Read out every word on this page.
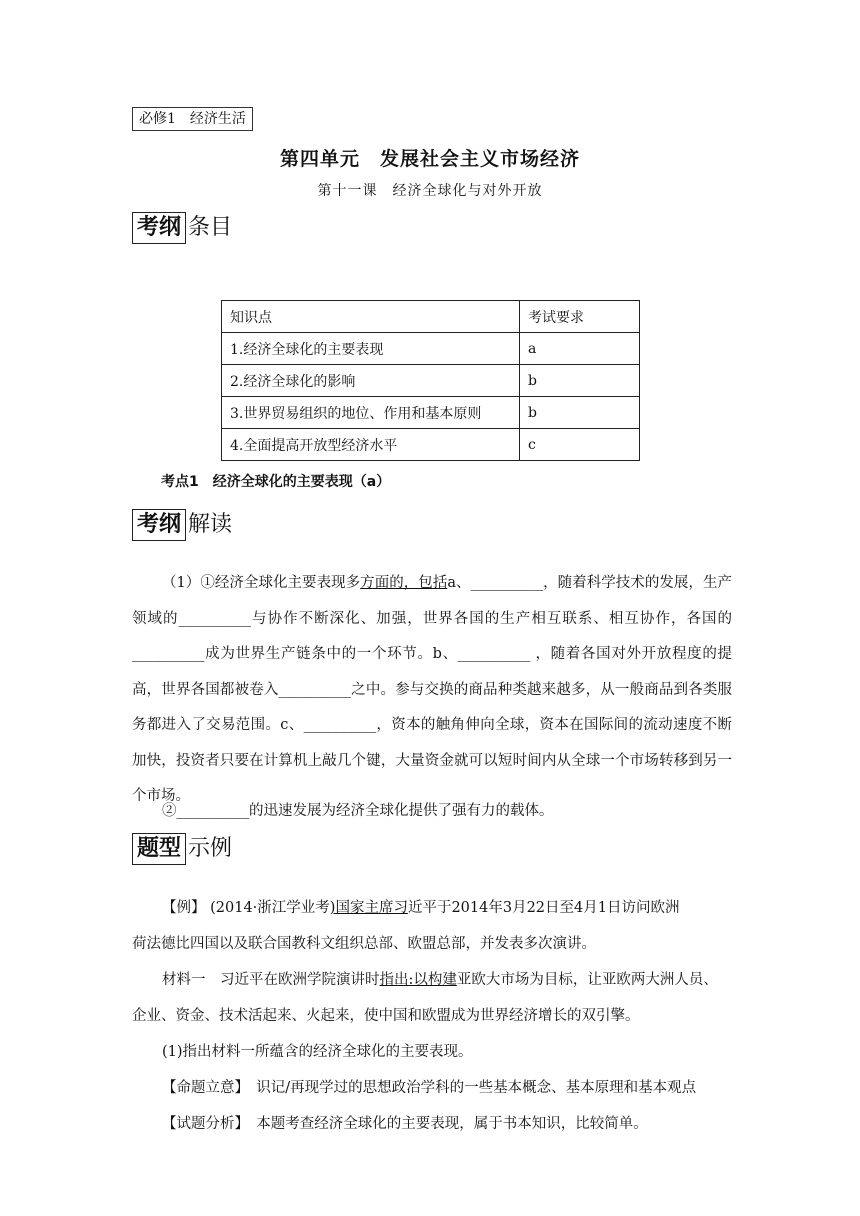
必修1　经济生活
第四单元　发展社会主义市场经济
第十一课　经济全球化与对外开放
考纲 条目
知识点	考试要求
1.经济全球化的主要表现	a
2.经济全球化的影响	b
3.世界贸易组织的地位、作用和基本原则	b
4.全面提高开放型经济水平	c
考点1　经济全球化的主要表现（a）
考纲 解读
（1）①经济全球化主要表现多方面的，包括a、__________，随着科学技术的发展，生产领域的__________与协作不断深化、加强，世界各国的生产相互联系、相互协作，各国的__________成为世界生产链条中的一个环节。b、__________ ，随着各国对外开放程度的提高，世界各国都被卷入__________之中。参与交换的商品种类越来越多，从一般商品到各类服务都进入了交易范围。c、__________，资本的触角伸向全球，资本在国际间的流动速度不断加快，投资者只要在计算机上敲几个键，大量资金就可以短时间内从全球一个市场转移到另一个市场。
②__________的迅速发展为经济全球化提供了强有力的载体。
题型 示例
【例】 (2014·浙江学业考)国家主席习近平于2014年3月22日至4月1日访问欧洲
荷法德比四国以及联合国教科文组织总部、欧盟总部，并发表多次演讲。
材料一　习近平在欧洲学院演讲时指出:以构建亚欧大市场为目标，让亚欧两大洲人员、
企业、资金、技术活起来、火起来，使中国和欧盟成为世界经济增长的双引擎。
(1)指出材料一所蕴含的经济全球化的主要表现。
【命题立意】　识记/再现学过的思想政治学科的一些基本概念、基本原理和基本观点
【试题分析】　本题考查经济全球化的主要表现，属于书本知识，比较简单。
